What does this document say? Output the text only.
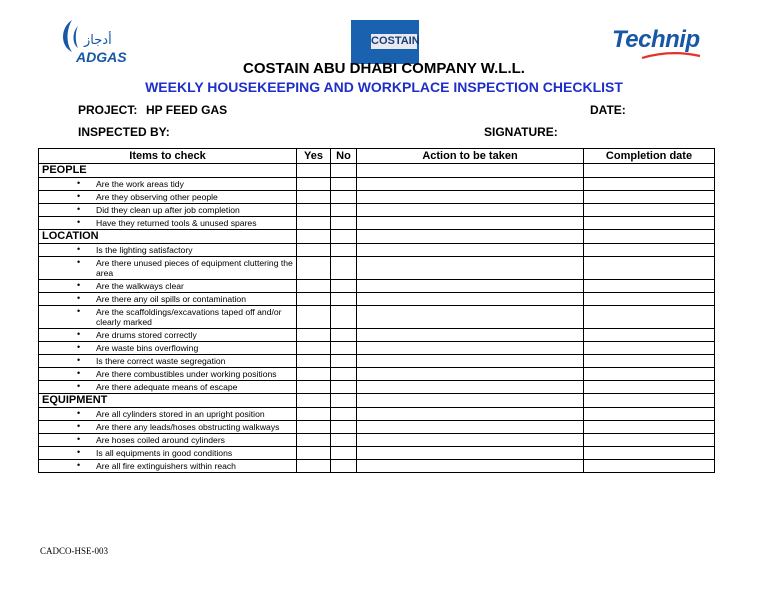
أدجاز
ADGAS
COSTAIN	Technip
COSTAIN ABU DHABI COMPANY W.L.L.
WEEKLY HOUSEKEEPING AND WORKPLACE INSPECTION CHECKLIST
PROJECT: HP FEED GAS	DATE:
INSPECTED BY:	SIGNATURE:
Items to check	Yes	No	Action to be taken	Completion date
PEOPLE				

• Are the work areas tidy				

• Are they observing other people				

• Did they clean up after job completion				

• Have they returned tools & unused spares				
LOCATION				

• Is the lighting satisfactory				

• Are there unused pieces of equipment cluttering the area				

• Are the walkways clear				

• Are there any oil spills or contamination				

• Are the scaffoldings/excavations taped off and/or clearly marked				

• Are drums stored correctly				

• Are waste bins overflowing				

• Is there correct waste segregation				

• Are there combustibles under working positions				

• Are there adequate means of escape				
EQUIPMENT				

• Are all cylinders stored in an upright position				

• Are there any leads/hoses obstructing walkways				

• Are hoses coiled around cylinders				

• Is all equipments in good conditions				

• Are all fire extinguishers within reach				
CADCO-HSE-003
